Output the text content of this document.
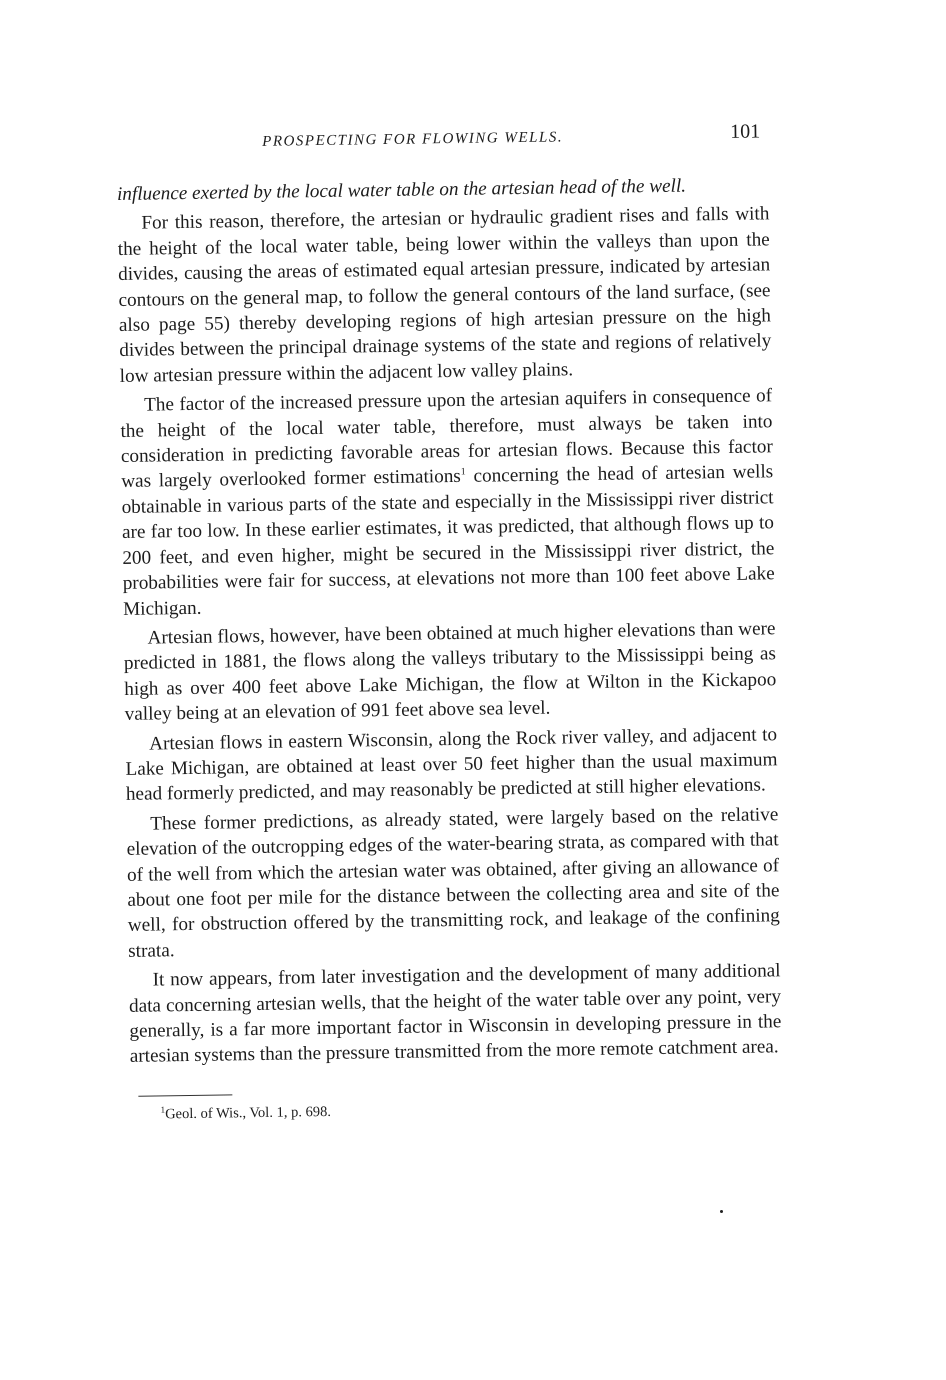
PROSPECTING FOR FLOWING WELLS.	101

influence exerted by the local water table on the artesian head of the well.

For this reason, therefore, the artesian or hydraulic gradient rises and falls with the height of the local water table, being lower within the valleys than upon the divides, causing the areas of estimated equal artesian pressure, indicated by artesian contours on the general map, to follow the general contours of the land surface, (see also page 55) thereby developing regions of high artesian pressure on the high divides between the principal drainage systems of the state and regions of relatively low artesian pressure within the adjacent low valley plains.

The factor of the increased pressure upon the artesian aquifers in consequence of the height of the local water table, therefore, must always be taken into consideration in predicting favorable areas for artesian flows. Because this factor was largely overlooked former estimations$^1$ concerning the head of artesian wells obtainable in various parts of the state and especially in the Mississippi river district are far too low. In these earlier estimates, it was predicted, that although flows up to 200 feet, and even higher, might be secured in the Mississippi river district, the probabilities were fair for success, at elevations not more than 100 feet above Lake Michigan.

Artesian flows, however, have been obtained at much higher elevations than were predicted in 1881, the flows along the valleys tributary to the Mississippi being as high as over 400 feet above Lake Michigan, the flow at Wilton in the Kickapoo valley being at an elevation of 991 feet above sea level.

Artesian flows in eastern Wisconsin, along the Rock river valley, and adjacent to Lake Michigan, are obtained at least over 50 feet higher than the usual maximum head formerly predicted, and may reasonably be predicted at still higher elevations.

These former predictions, as already stated, were largely based on the relative elevation of the outcropping edges of the water-bearing strata, as compared with that of the well from which the artesian water was obtained, after giving an allowance of about one foot per mile for the distance between the collecting area and site of the well, for obstruction offered by the transmitting rock, and leakage of the confining strata.

It now appears, from later investigation and the development of many additional data concerning artesian wells, that the height of the water table over any point, very generally, is a far more important factor in Wisconsin in developing pressure in the artesian systems than the pressure transmitted from the more remote catchment area.

$^1$Geol. of Wis., Vol. 1, p. 698.
